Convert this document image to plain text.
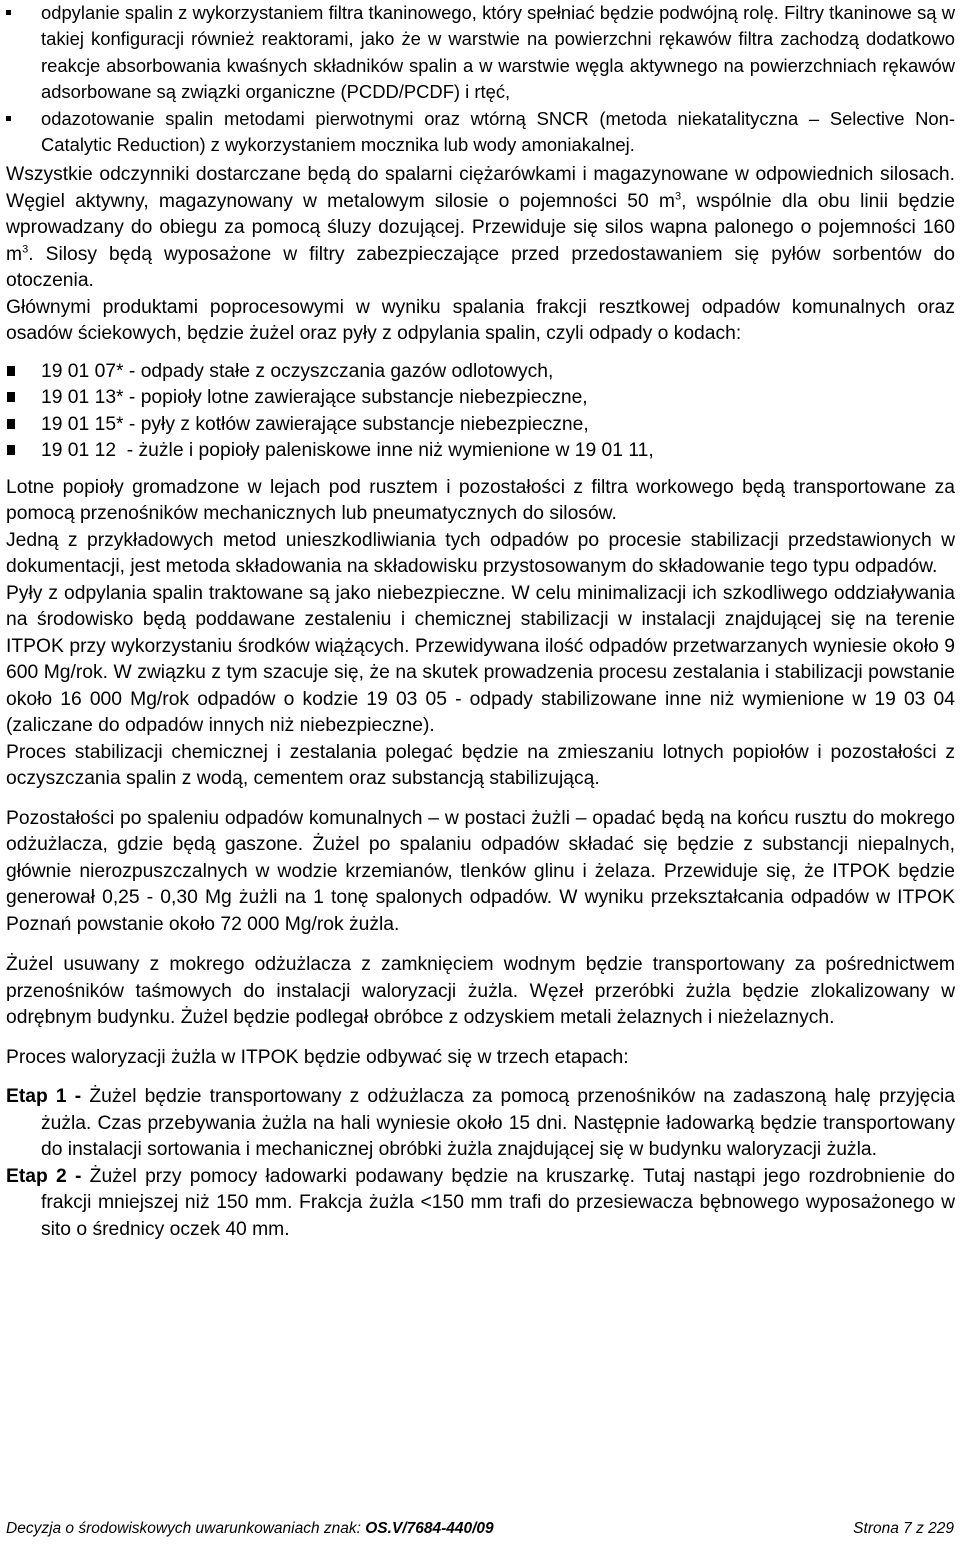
odpylanie spalin z wykorzystaniem filtra tkaninowego, który spełniać będzie podwójną rolę. Filtry tkaninowe są w takiej konfiguracji również reaktorami, jako że w warstwie na powierzchni rękawów filtra zachodzą dodatkowo reakcje absorbowania kwaśnych składników spalin a w warstwie węgla aktywnego na powierzchniach rękawów adsorbowane są związki organiczne (PCDD/PCDF) i rtęć,

odazotowanie spalin metodami pierwotnymi oraz wtórną SNCR (metoda niekatalityczna – Selective Non-Catalytic Reduction) z wykorzystaniem mocznika lub wody amoniakalnej.

Wszystkie odczynniki dostarczane będą do spalarni ciężarówkami i magazynowane w odpowiednich silosach. Węgiel aktywny, magazynowany w metalowym silosie o pojemności 50 $m^3$, wspólnie dla obu linii będzie wprowadzany do obiegu za pomocą śluzy dozującej. Przewiduje się silos wapna palonego o pojemności 160 $m^3$. Silosy będą wyposażone w filtry zabezpieczające przed przedostawaniem się pyłów sorbentów do otoczenia.

Głównymi produktami poprocesowymi w wyniku spalania frakcji resztkowej odpadów komunalnych oraz osadów ściekowych, będzie żużel oraz pyły z odpylania spalin, czyli odpady o kodach:

19 01 07* - odpady stałe z oczyszczania gazów odlotowych,
19 01 13* - popioły lotne zawierające substancje niebezpieczne,
19 01 15* - pyły z kotłów zawierające substancje niebezpieczne,
19 01 12  - żużle i popioły paleniskowe inne niż wymienione w 19 01 11,

Lotne popioły gromadzone w lejach pod rusztem i pozostałości z filtra workowego będą transportowane za pomocą przenośników mechanicznych lub pneumatycznych do silosów.

Jedną z przykładowych metod unieszkodliwiania tych odpadów po procesie stabilizacji przedstawionych w dokumentacji, jest metoda składowania na składowisku przystosowanym do składowanie tego typu odpadów.

Pyły z odpylania spalin traktowane są jako niebezpieczne. W celu minimalizacji ich szkodliwego oddziaływania na środowisko będą poddawane zestaleniu i chemicznej stabilizacji w instalacji znajdującej się na terenie ITPOK przy wykorzystaniu środków wiążących. Przewidywana ilość odpadów przetwarzanych wyniesie około 9 600 Mg/rok. W związku z tym szacuje się, że na skutek prowadzenia procesu zestalania i stabilizacji powstanie około 16 000 Mg/rok odpadów o kodzie 19 03 05 - odpady stabilizowane inne niż wymienione w 19 03 04 (zaliczane do odpadów innych niż niebezpieczne).

Proces stabilizacji chemicznej i zestalania polegać będzie na zmieszaniu lotnych popiołów i pozostałości z oczyszczania spalin z wodą, cementem oraz substancją stabilizującą.

Pozostałości po spaleniu odpadów komunalnych – w postaci żużli – opadać będą na końcu rusztu do mokrego odżużlacza, gdzie będą gaszone. Żużel po spalaniu odpadów składać się będzie z substancji niepalnych, głównie nierozpuszczalnych w wodzie krzemianów, tlenków glinu i żelaza. Przewiduje się, że ITPOK będzie generował 0,25 - 0,30 Mg żużli na 1 tonę spalonych odpadów. W wyniku przekształcania odpadów w ITPOK Poznań powstanie około 72 000 Mg/rok żużla.

Żużel usuwany z mokrego odżużlacza z zamknięciem wodnym będzie transportowany za pośrednictwem przenośników taśmowych do instalacji waloryzacji żużla. Węzeł przeróbki żużla będzie zlokalizowany w odrębnym budynku. Żużel będzie podlegał obróbce z odzyskiem metali żelaznych i nieżelaznych.

Proces waloryzacji żużla w ITPOK będzie odbywać się w trzech etapach:

Etap 1 - Żużel będzie transportowany z odżużlacza za pomocą przenośników na zadaszoną halę przyjęcia żużla. Czas przebywania żużla na hali wyniesie około 15 dni. Następnie ładowarką będzie transportowany do instalacji sortowania i mechanicznej obróbki żużla znajdującej się w budynku waloryzacji żużla.

Etap 2 - Żużel przy pomocy ładowarki podawany będzie na kruszarkę. Tutaj nastąpi jego rozdrobnienie do frakcji mniejszej niż 150 mm. Frakcja żużla <150 mm trafi do przesiewacza bębnowego wyposażonego w sito o średnicy oczek 40 mm.

Decyzja o środowiskowych uwarunkowaniach znak: OS.V/7684-440/09	Strona 7 z 229
